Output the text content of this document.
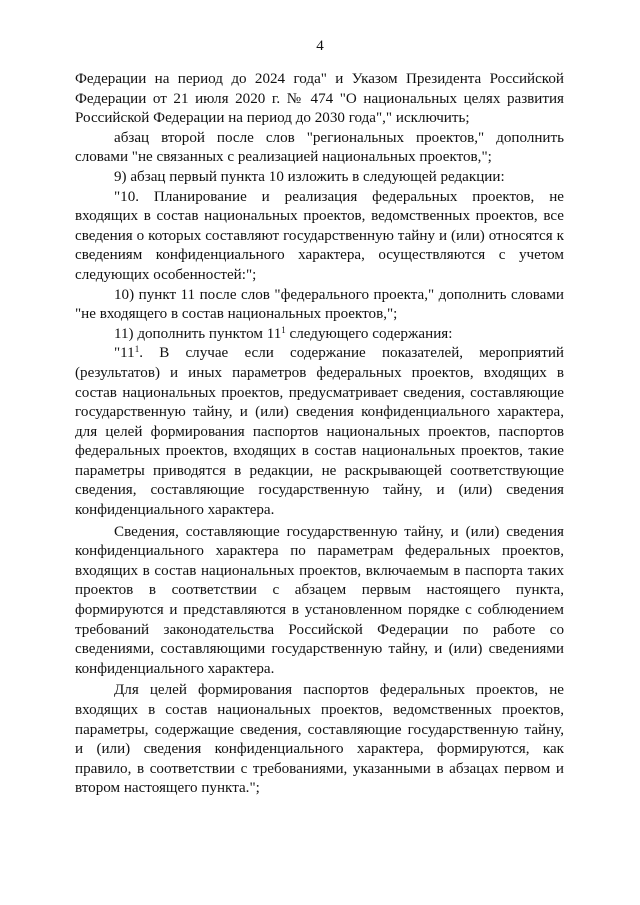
4

Федерации на период до 2024 года" и Указом Президента Российской Федерации от 21 июля 2020 г. № 474 "О национальных целях развития Российской Федерации на период до 2030 года"," исключить;

абзац второй после слов "региональных проектов," дополнить словами "не связанных с реализацией национальных проектов,";

9) абзац первый пункта 10 изложить в следующей редакции:

"10. Планирование и реализация федеральных проектов, не входящих в состав национальных проектов, ведомственных проектов, все сведения о которых составляют государственную тайну и (или) относятся к сведениям конфиденциального характера, осуществляются с учетом следующих особенностей:";

10) пункт 11 после слов "федерального проекта," дополнить словами "не входящего в состав национальных проектов,";

11) дополнить пунктом $11^1$ следующего содержания:

"$11^1$. В случае если содержание показателей, мероприятий (результатов) и иных параметров федеральных проектов, входящих в состав национальных проектов, предусматривает сведения, составляющие государственную тайну, и (или) сведения конфиденциального характера, для целей формирования паспортов национальных проектов, паспортов федеральных проектов, входящих в состав национальных проектов, такие параметры приводятся в редакции, не раскрывающей соответствующие сведения, составляющие государственную тайну, и (или) сведения конфиденциального характера.

Сведения, составляющие государственную тайну, и (или) сведения конфиденциального характера по параметрам федеральных проектов, входящих в состав национальных проектов, включаемым в паспорта таких проектов в соответствии с абзацем первым настоящего пункта, формируются и представляются в установленном порядке с соблюдением требований законодательства Российской Федерации по работе со сведениями, составляющими государственную тайну, и (или) сведениями конфиденциального характера.

Для целей формирования паспортов федеральных проектов, не входящих в состав национальных проектов, ведомственных проектов, параметры, содержащие сведения, составляющие государственную тайну, и (или) сведения конфиденциального характера, формируются, как правило, в соответствии с требованиями, указанными в абзацах первом и втором настоящего пункта.";
